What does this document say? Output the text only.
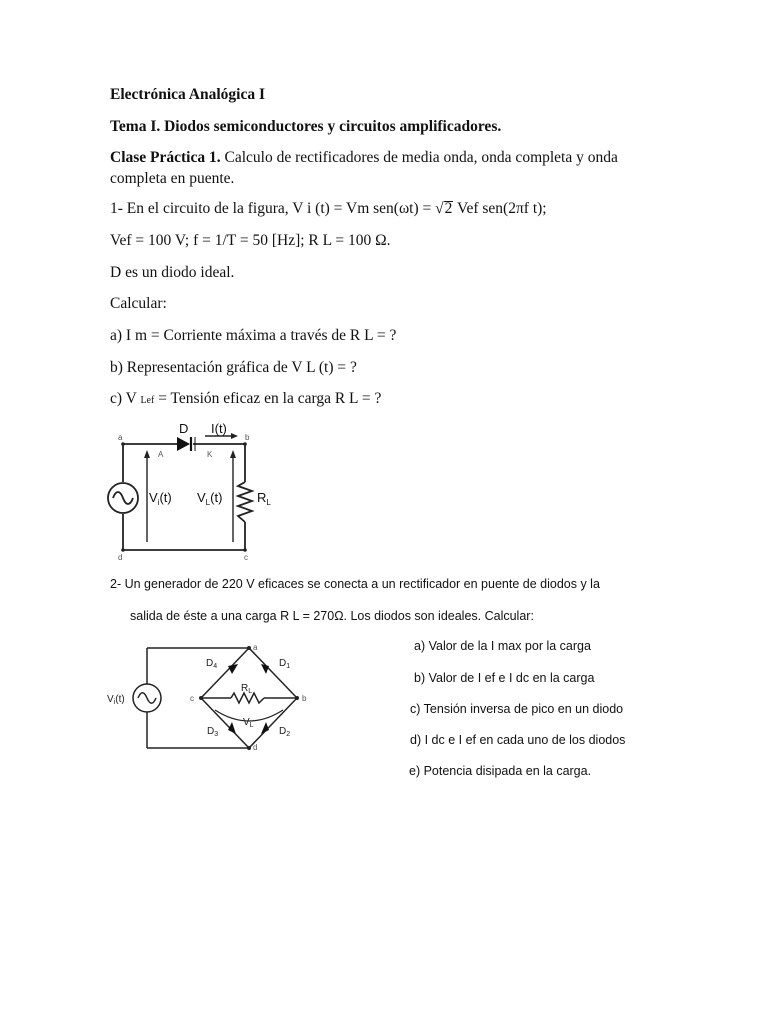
Electrónica Analógica I
Tema I. Diodos semiconductores y circuitos amplificadores.
Clase Práctica 1. Calculo de rectificadores de media onda, onda completa y onda
completa en puente.
1- En el circuito de la figura, V i (t) = Vm sen(ωt) = √2 Vef sen(2πf t);
Vef = 100 V; f = 1/T = 50 [Hz]; R L = 100 Ω.
D es un diodo ideal.
Calcular:
a) I m = Corriente máxima a través de R L = ?
b) Representación gráfica de V L (t) = ?
c) V Lef = Tensión eficaz en la carga R L = ?
a	b
d	c
D I(t)
A	K
$V_i(t)$ $V_L(t)$	$R_L$
2- Un generador de 220 V eficaces se conecta a un rectificador en puente de diodos y la
salida de éste a una carga R L = 270Ω. Los diodos son ideales. Calcular:
a) Valor de la I max por la carga
b) Valor de I ef e I dc en la carga
c) Tensión inversa de pico en un diodo
d) I dc e I ef en cada uno de los diodos
e) Potencia disipada en la carga.
$V_i(t)$
$D_4$	$D_1$
$D_3$	$D_2$
$R_L$
$V_L$
a
b
c
d
